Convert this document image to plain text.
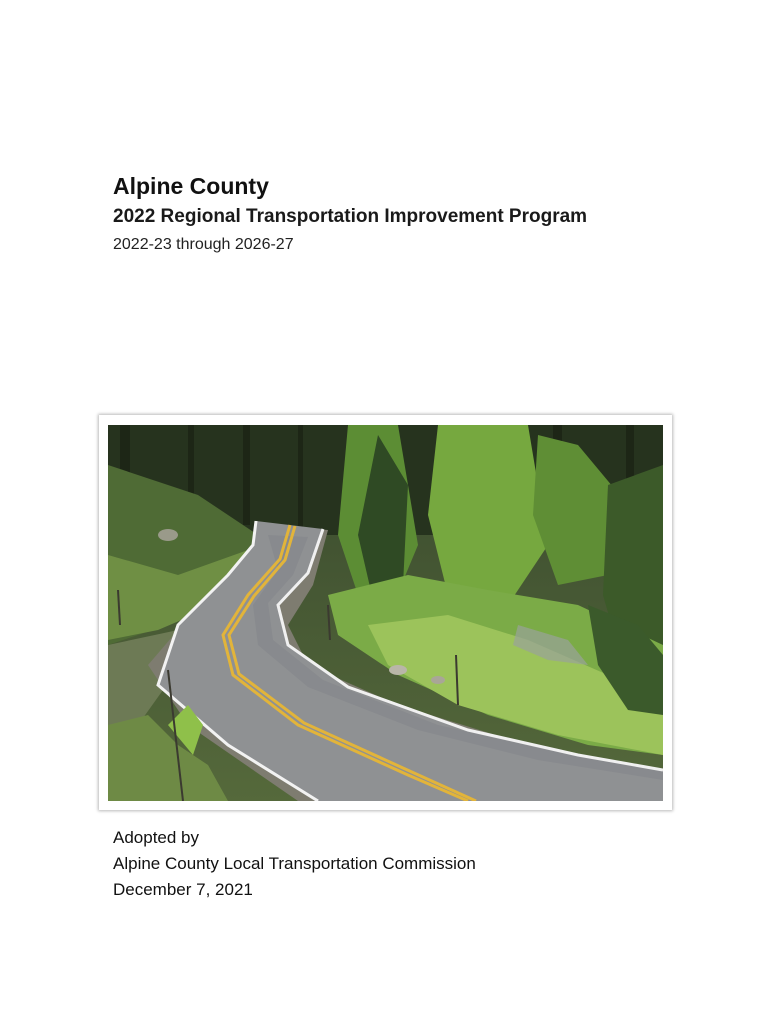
Alpine County
2022 Regional Transportation Improvement Program
2022-23 through 2026-27
Adopted by
Alpine County Local Transportation Commission
December 7, 2021
